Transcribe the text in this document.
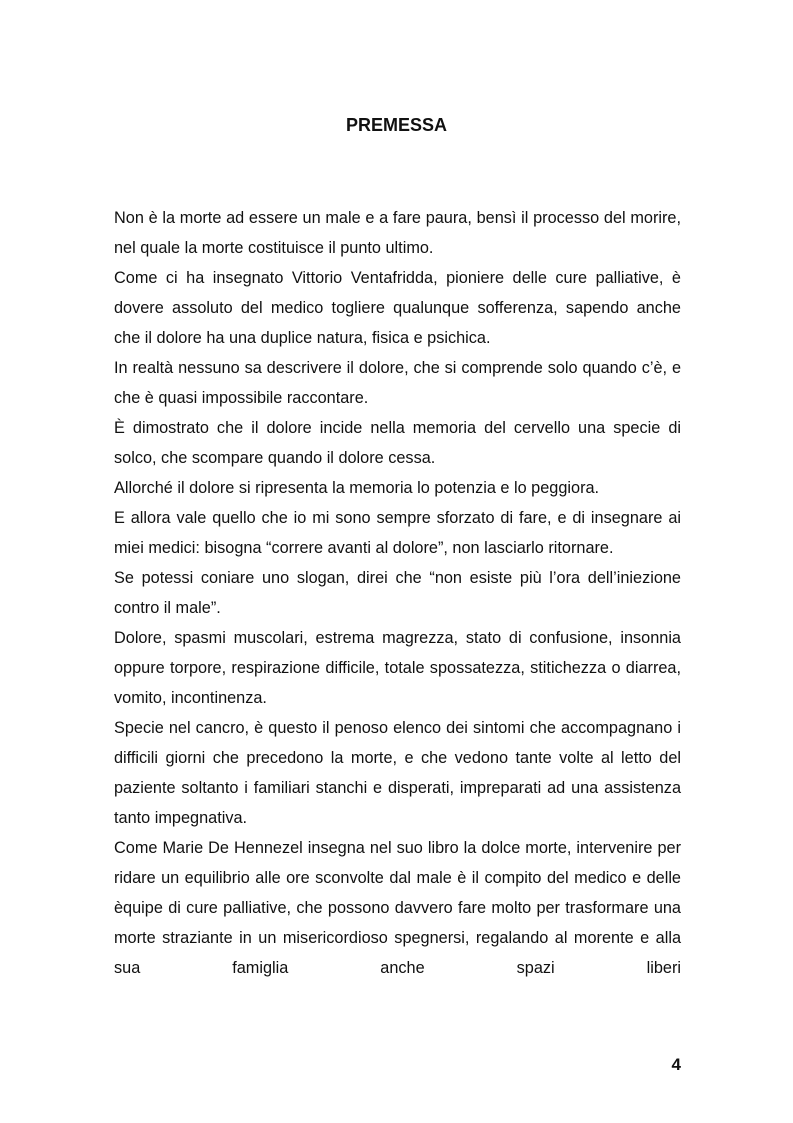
PREMESSA

Non è la morte ad essere un male e a fare paura, bensì il processo del morire, nel quale la morte costituisce il punto ultimo.

Come ci ha insegnato Vittorio Ventafridda, pioniere delle cure palliative, è dovere assoluto del medico togliere qualunque sofferenza, sapendo anche che il dolore ha una duplice natura, fisica e psichica.

In realtà nessuno sa descrivere il dolore, che si comprende solo quando c’è, e che è quasi impossibile raccontare.

È dimostrato che il dolore incide nella memoria del cervello una specie di solco, che scompare quando il dolore cessa.

Allorché il dolore si ripresenta la memoria lo potenzia e lo peggiora.

E allora vale quello che io mi sono sempre sforzato di fare, e di insegnare ai miei medici: bisogna “correre avanti al dolore”, non lasciarlo ritornare.

Se potessi coniare uno slogan, direi che “non esiste più l’ora dell’iniezione contro il male”.

Dolore, spasmi muscolari, estrema magrezza, stato di confusione, insonnia oppure torpore, respirazione difficile, totale spossatezza, stitichezza o diarrea, vomito, incontinenza.

Specie nel cancro, è questo il penoso elenco dei sintomi che accompagnano i difficili giorni che precedono la morte, e che vedono tante volte al letto del paziente soltanto i familiari stanchi e disperati, impreparati ad una assistenza tanto impegnativa.

Come Marie De Hennezel insegna nel suo libro la dolce morte, intervenire per ridare un equilibrio alle ore sconvolte dal male è il compito del medico e delle èquipe di cure palliative, che possono davvero fare molto per trasformare una morte straziante in un misericordioso spegnersi, regalando al morente e alla sua famiglia anche spazi liberi

4
